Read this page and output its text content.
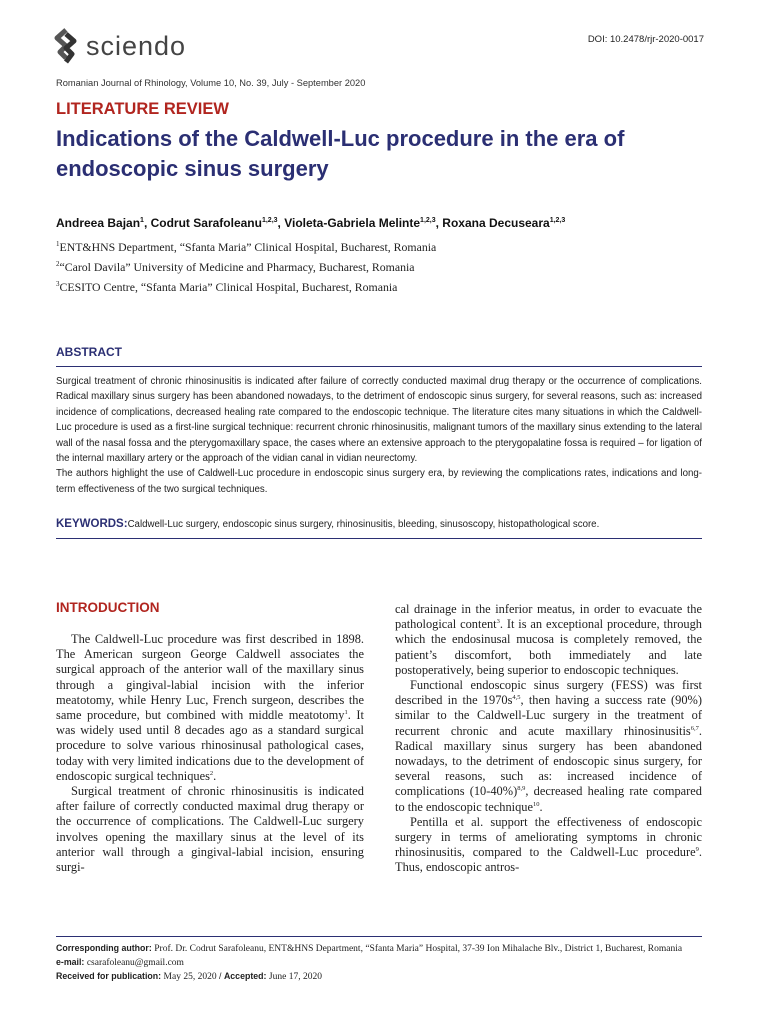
sciendo	DOI: 10.2478/rjr-2020-0017
Romanian Journal of Rhinology, Volume 10, No. 39, July - September 2020
LITERATURE REVIEW
Indications of the Caldwell-Luc procedure in the era of endoscopic sinus surgery
Andreea Bajan$^1$, Codrut Sarafoleanu$^{1,2,3}$, Violeta-Gabriela Melinte$^{1,2,3}$, Roxana Decuseara$^{1,2,3}$
$^1$ENT&HNS Department, “Sfanta Maria” Clinical Hospital, Bucharest, Romania
$^2$“Carol Davila” University of Medicine and Pharmacy, Bucharest, Romania
$^3$CESITO Centre, “Sfanta Maria” Clinical Hospital, Bucharest, Romania
ABSTRACT

Surgical treatment of chronic rhinosinusitis is indicated after failure of correctly conducted maximal drug therapy or the occurrence of complications. Radical maxillary sinus surgery has been abandoned nowadays, to the detriment of endoscopic sinus surgery, for several reasons, such as: increased incidence of complications, decreased healing rate compared to the endoscopic technique. The literature cites many situations in which the Caldwell-Luc procedure is used as a first-line surgical technique: recurrent chronic rhinosinusitis, malignant tumors of the maxillary sinus extending to the lateral wall of the nasal fossa and the pterygomaxillary space, the cases where an extensive approach to the pterygopalatine fossa is required – for ligation of the internal maxillary artery or the approach of the vidian canal in vidian neurectomy.

The authors highlight the use of Caldwell-Luc procedure in endoscopic sinus surgery era, by reviewing the complications rates, indications and long-term effectiveness of the two surgical techniques.

KEYWORDS:Caldwell-Luc surgery, endoscopic sinus surgery, rhinosinusitis, bleeding, sinusoscopy, histopathological score.
INTRODUCTION

The Caldwell-Luc procedure was first described in 1898. The American surgeon George Caldwell associates the surgical approach of the anterior wall of the maxillary sinus through a gingival-labial incision with the inferior meatotomy, while Henry Luc, French surgeon, describes the same procedure, but combined with middle meatotomy$^1$. It was widely used until 8 decades ago as a standard surgical procedure to solve various rhinosinusal pathological cases, today with very limited indications due to the development of endoscopic surgical techniques$^2$.

Surgical treatment of chronic rhinosinusitis is indicated after failure of correctly conducted maximal drug therapy or the occurrence of complications. The Caldwell-Luc surgery involves opening the maxillary sinus at the level of its anterior wall through a gingival-labial incision, ensuring surgi-

cal drainage in the inferior meatus, in order to evacuate the pathological content$^3$. It is an exceptional procedure, through which the endosinusal mucosa is completely removed, the patient’s discomfort, both immediately and late postoperatively, being superior to endoscopic techniques.

Functional endoscopic sinus surgery (FESS) was first described in the $1970s^{4,5}$, then having a success rate (90%) similar to the Caldwell-Luc surgery in the treatment of recurrent chronic and acute maxillary rhinosinusitis$^{6,7}$. Radical maxillary sinus surgery has been abandoned nowadays, to the detriment of endoscopic sinus surgery, for several reasons, such as: increased incidence of complications $(10-40\%)^{8,9}$, decreased healing rate compared to the endoscopic technique$^{10}$.

Pentilla et al. support the effectiveness of endoscopic surgery in terms of ameliorating symptoms in chronic rhinosinusitis, compared to the Caldwell-Luc procedure$^9$. Thus, endoscopic antros-

Corresponding author: Prof. Dr. Codrut Sarafoleanu, ENT&HNS Department, “Sfanta Maria” Hospital, 37-39 Ion Mihalache Blv., District 1, Bucharest, Romania
e-mail: csarafoleanu@gmail.com
Received for publication: May 25, 2020 / Accepted: June 17, 2020
